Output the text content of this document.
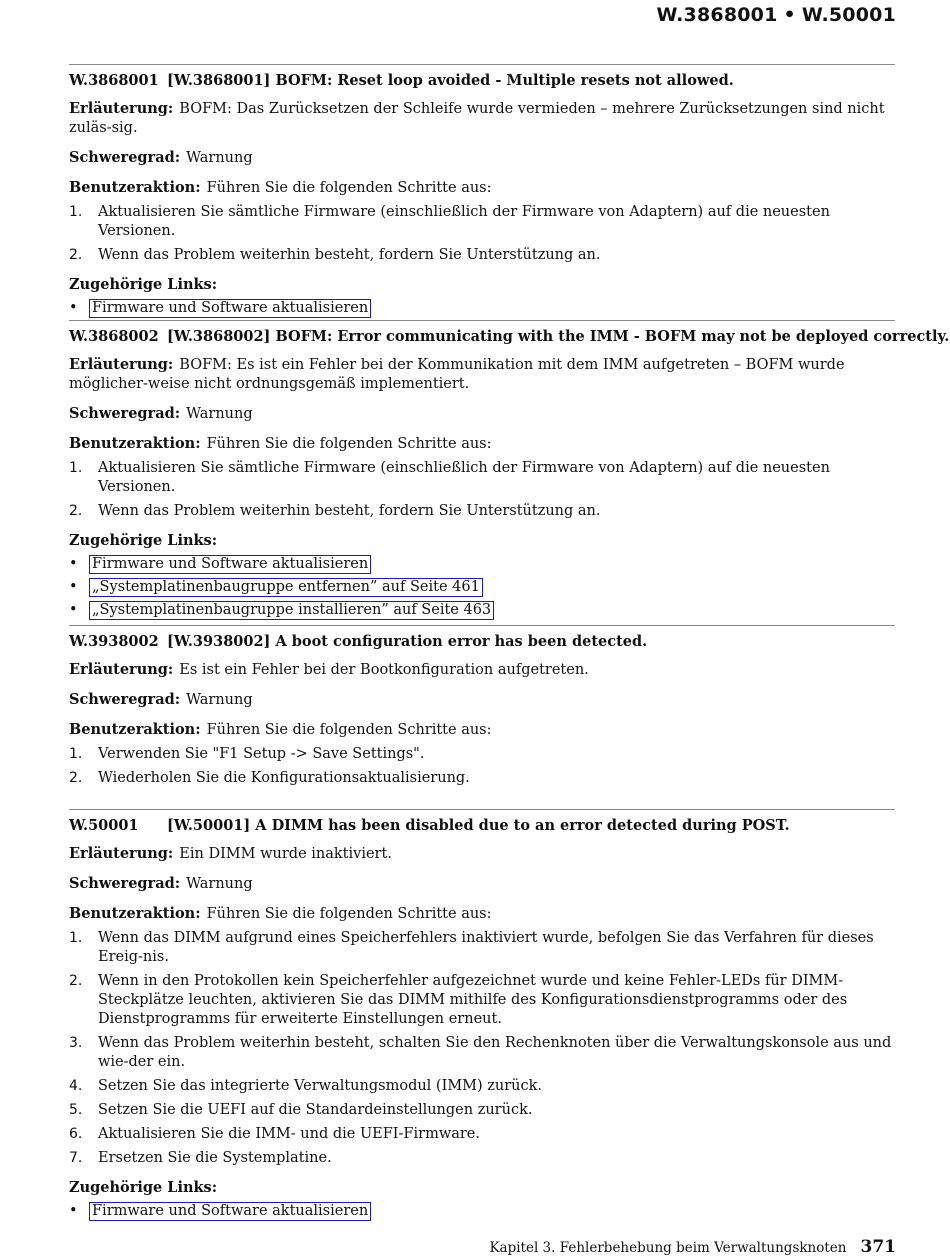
W.3868001 • W.50001
W.3868001 [W.3868001] BOFM: Reset loop avoided - Multiple resets not allowed.
Erläuterung: BOFM: Das Zurücksetzen der Schleife wurde vermieden – mehrere Zurücksetzungen sind nicht zuläs-sig.
Schweregrad: Warnung
Benutzeraktion: Führen Sie die folgenden Schritte aus:
1. Aktualisieren Sie sämtliche Firmware (einschließlich der Firmware von Adaptern) auf die neuesten Versionen.
2. Wenn das Problem weiterhin besteht, fordern Sie Unterstützung an.
Zugehörige Links:
• Firmware und Software aktualisieren
W.3868002 [W.3868002] BOFM: Error communicating with the IMM - BOFM may not be deployed correctly.
Erläuterung: BOFM: Es ist ein Fehler bei der Kommunikation mit dem IMM aufgetreten – BOFM wurde möglicher-weise nicht ordnungsgemäß implementiert.
Schweregrad: Warnung
Benutzeraktion: Führen Sie die folgenden Schritte aus:
1. Aktualisieren Sie sämtliche Firmware (einschließlich der Firmware von Adaptern) auf die neuesten Versionen.
2. Wenn das Problem weiterhin besteht, fordern Sie Unterstützung an.
Zugehörige Links:
• Firmware und Software aktualisieren
• „Systemplatinenbaugruppe entfernen” auf Seite 461
• „Systemplatinenbaugruppe installieren” auf Seite 463
W.3938002 [W.3938002] A boot configuration error has been detected.
Erläuterung: Es ist ein Fehler bei der Bootkonfiguration aufgetreten.
Schweregrad: Warnung
Benutzeraktion: Führen Sie die folgenden Schritte aus:
1. Verwenden Sie "F1 Setup -> Save Settings".
2. Wiederholen Sie die Konfigurationsaktualisierung.
W.50001 [W.50001] A DIMM has been disabled due to an error detected during POST.
Erläuterung: Ein DIMM wurde inaktiviert.
Schweregrad: Warnung
Benutzeraktion: Führen Sie die folgenden Schritte aus:
1. Wenn das DIMM aufgrund eines Speicherfehlers inaktiviert wurde, befolgen Sie das Verfahren für dieses Ereig-nis.
2. Wenn in den Protokollen kein Speicherfehler aufgezeichnet wurde und keine Fehler-LEDs für DIMM-Steckplätze leuchten, aktivieren Sie das DIMM mithilfe des Konfigurationsdienstprogramms oder des Dienstprogramms für erweiterte Einstellungen erneut.
3. Wenn das Problem weiterhin besteht, schalten Sie den Rechenknoten über die Verwaltungskonsole aus und wie-der ein.
4. Setzen Sie das integrierte Verwaltungsmodul (IMM) zurück.
5. Setzen Sie die UEFI auf die Standardeinstellungen zurück.
6. Aktualisieren Sie die IMM- und die UEFI-Firmware.
7. Ersetzen Sie die Systemplatine.
Zugehörige Links:
• Firmware und Software aktualisieren
Kapitel 3. Fehlerbehebung beim Verwaltungsknoten 371
